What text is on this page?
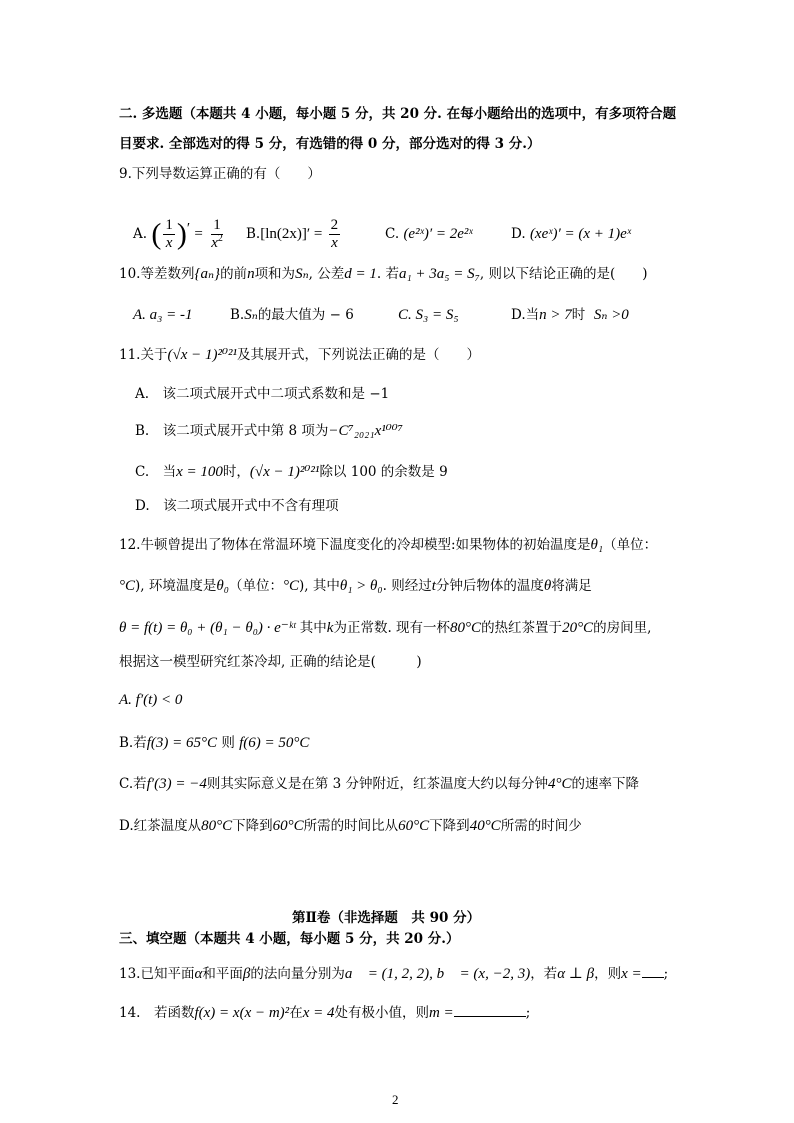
二. 多选题（本题共 4 小题，每小题 5 分，共 20 分. 在每小题给出的选项中，有多项符合题
目要求. 全部选对的得 5 分，有选错的得 0 分，部分选对的得 3 分.）
9.下列导数运算正确的有（　　）
A. ( $\frac{1}{x} )' = \frac{1}{x^2} B.[\ln(2x)]' = \frac{2}{x}$	C. (e²ˣ)′ = 2e²ˣ	D. (xeˣ)′ = (x + 1)eˣ
10.等差数列{aₙ}的前n项和为Sₙ, 公差d = 1. 若a₁ + 3a₅ = S₇, 则以下结论正确的是(　　)
A. a₃ = -1	B.Sₙ的最大值为 − 6	C. S₃ = S₅	D.当n > 7时 Sₙ >0
11.关于(√x − 1)²⁰²¹及其展开式，下列说法正确的是（　　）
A.　该二项式展开式中二项式系数和是 −1
B.　该二项式展开式中第 8 项为−C⁷₂₀₂₁x¹⁰⁰⁷
C.　当x = 100时，(√x − 1)²⁰²¹除以 100 的余数是 9
D.　该二项式展开式中不含有理项
12.牛顿曾提出了物体在常温环境下温度变化的冷却模型:如果物体的初始温度是θ₁（单位：
°C), 环境温度是θ₀（单位：°C), 其中θ₁ > θ₀. 则经过t分钟后物体的温度θ将满足
θ = f(t) = θ₀ + (θ₁ − θ₀) · e⁻ᵏᵗ 其中k为正常数. 现有一杯80°C的热红茶置于20°C的房间里,
根据这一模型研究红茶冷却, 正确的结论是(　　　)
A. f′(t) < 0
B.若f(3) = 65°C 则 f(6) = 50°C
C.若f′(3) = −4则其实际意义是在第 3 分钟附近，红茶温度大约以每分钟4°C的速率下降
D.红茶温度从80°C下降到60°C所需的时间比从60°C下降到40°C所需的时间少
第Ⅱ卷（非选择题　共 90 分）
三、填空题（本题共 4 小题，每小题 5 分，共 20 分.）
13.已知平面α和平面β的法向量分别为a⃗ = (1, 2, 2), b⃗ = (x, −2, 3)，若α ⊥ β，则x = ;
14.　若函数f(x) = x(x − m)²在x = 4处有极小值，则m =	;
2
